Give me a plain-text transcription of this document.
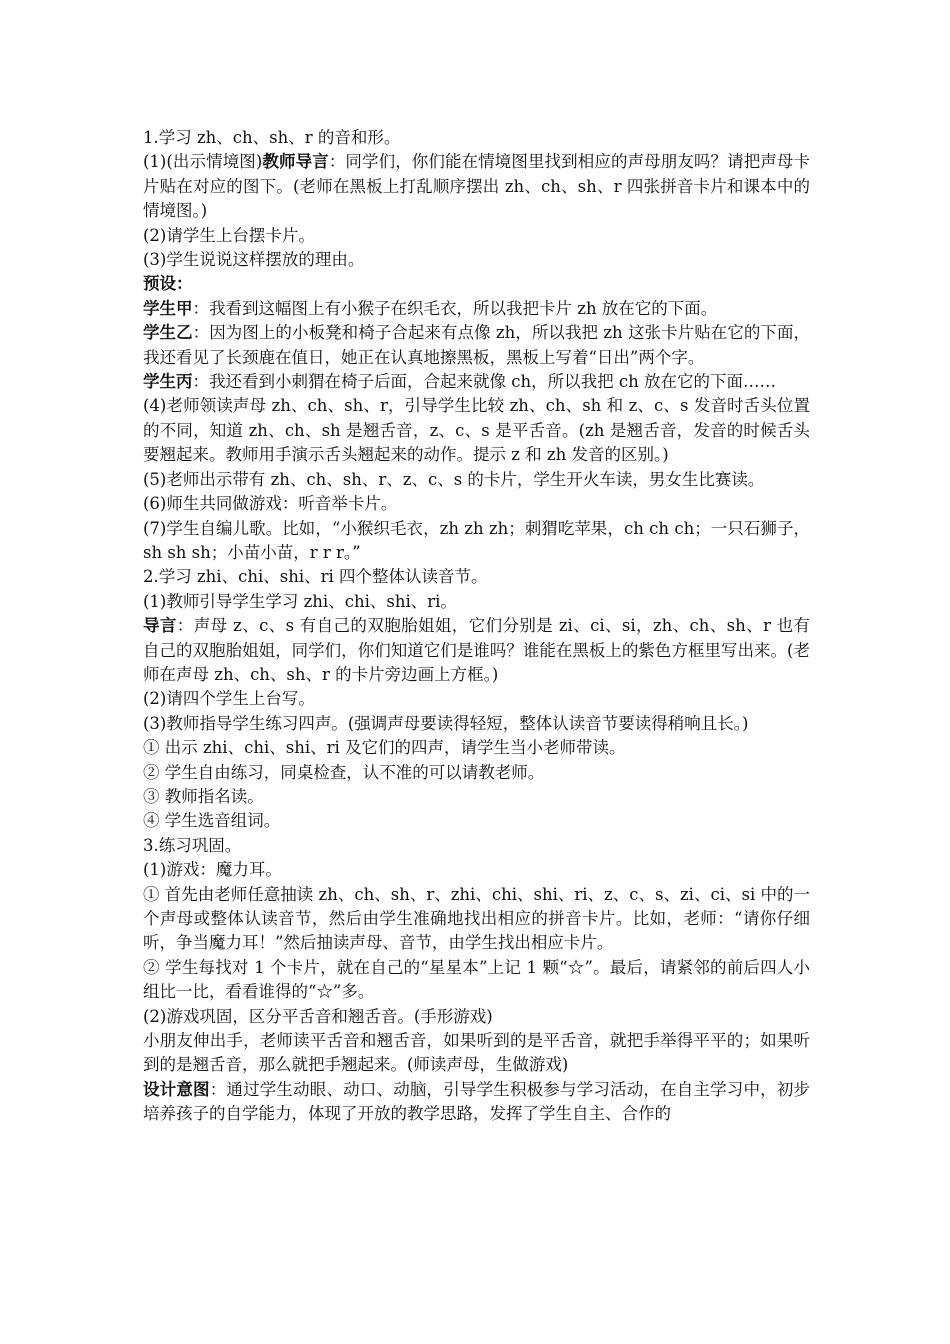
1.学习 zh、ch、sh、r 的音和形。
(1)(出示情境图)教师导言：同学们，你们能在情境图里找到相应的声母朋友吗？请把声母卡片贴在对应的图下。(老师在黑板上打乱顺序摆出 zh、ch、sh、r 四张拼音卡片和课本中的情境图。)
(2)请学生上台摆卡片。
(3)学生说说这样摆放的理由。
预设：
学生甲：我看到这幅图上有小猴子在织毛衣，所以我把卡片 zh 放在它的下面。
学生乙：因为图上的小板凳和椅子合起来有点像 zh，所以我把 zh 这张卡片贴在它的下面，我还看见了长颈鹿在值日，她正在认真地擦黑板，黑板上写着“日出”两个字。
学生丙：我还看到小刺猬在椅子后面，合起来就像 ch，所以我把 ch 放在它的下面……
(4)老师领读声母 zh、ch、sh、r，引导学生比较 zh、ch、sh 和 z、c、s 发音时舌头位置的不同，知道 zh、ch、sh 是翘舌音，z、c、s 是平舌音。(zh 是翘舌音，发音的时候舌头要翘起来。教师用手演示舌头翘起来的动作。提示 z 和 zh 发音的区别。)
(5)老师出示带有 zh、ch、sh、r、z、c、s 的卡片，学生开火车读，男女生比赛读。
(6)师生共同做游戏：听音举卡片。
(7)学生自编儿歌。比如，“小猴织毛衣，zh zh zh；刺猬吃苹果，ch ch ch；一只石狮子，sh sh sh；小苗小苗，r r r。”
2.学习 zhi、chi、shi、ri 四个整体认读音节。
(1)教师引导学生学习 zhi、chi、shi、ri。
导言：声母 z、c、s 有自己的双胞胎姐姐，它们分别是 zi、ci、si，zh、ch、sh、r 也有自己的双胞胎姐姐，同学们，你们知道它们是谁吗？谁能在黑板上的紫色方框里写出来。(老师在声母 zh、ch、sh、r 的卡片旁边画上方框。)
(2)请四个学生上台写。
(3)教师指导学生练习四声。(强调声母要读得轻短，整体认读音节要读得稍响且长。)
① 出示 zhi、chi、shi、ri 及它们的四声，请学生当小老师带读。
② 学生自由练习，同桌检查，认不准的可以请教老师。
③ 教师指名读。
④ 学生选音组词。
3.练习巩固。
(1)游戏：魔力耳。
① 首先由老师任意抽读 zh、ch、sh、r、zhi、chi、shi、ri、z、c、s、zi、ci、si 中的一个声母或整体认读音节，然后由学生准确地找出相应的拼音卡片。比如，老师：“请你仔细听，争当魔力耳！”然后抽读声母、音节，由学生找出相应卡片。
② 学生每找对 1 个卡片，就在自己的“星星本”上记 1 颗“☆”。最后，请紧邻的前后四人小组比一比，看看谁得的“☆”多。
(2)游戏巩固，区分平舌音和翘舌音。(手形游戏)
小朋友伸出手，老师读平舌音和翘舌音，如果听到的是平舌音，就把手举得平平的；如果听到的是翘舌音，那么就把手翘起来。(师读声母，生做游戏)
设计意图：通过学生动眼、动口、动脑，引导学生积极参与学习活动，在自主学习中，初步培养孩子的自学能力，体现了开放的教学思路，发挥了学生自主、合作的
